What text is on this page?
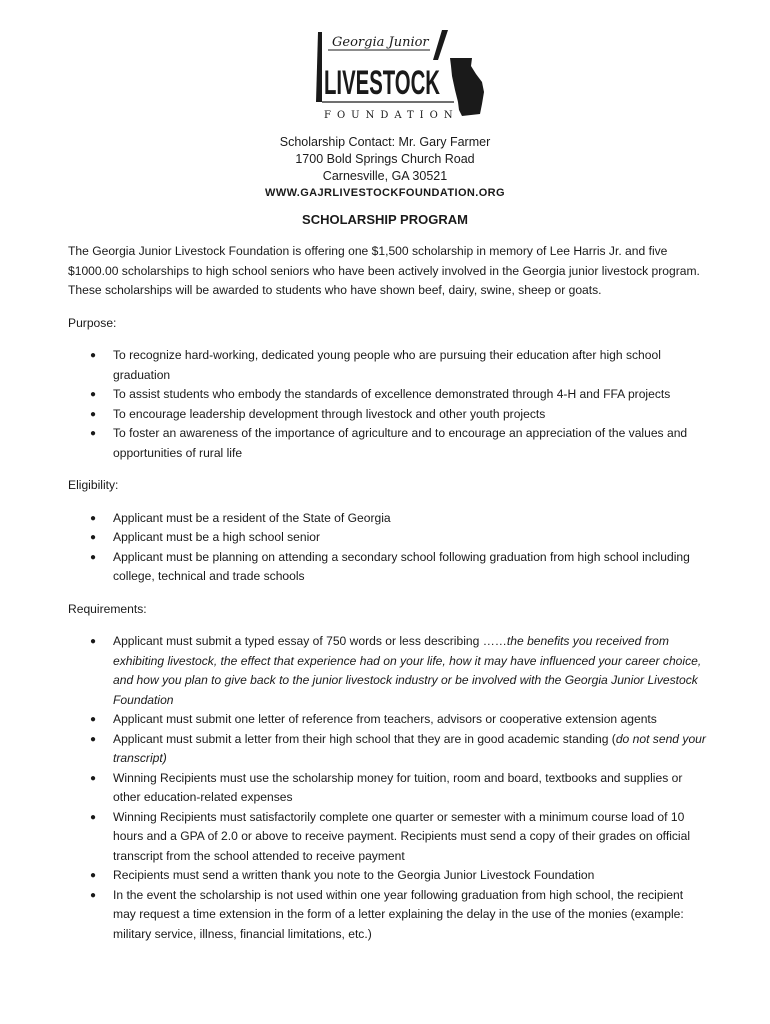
Georgia Junior
LIVESTOCK
FOUNDATION
Scholarship Contact: Mr. Gary Farmer
1700 Bold Springs Church Road
Carnesville, GA 30521
WWW.GAJRLIVESTOCKFOUNDATION.ORG
SCHOLARSHIP PROGRAM

The Georgia Junior Livestock Foundation is offering one $1,500 scholarship in memory of Lee Harris Jr. and five $1000.00 scholarships to high school seniors who have been actively involved in the Georgia junior livestock program. These scholarships will be awarded to students who have shown beef, dairy, swine, sheep or goats.

Purpose:

● To recognize hard-working, dedicated young people who are pursuing their education after high school graduation
● To assist students who embody the standards of excellence demonstrated through 4-H and FFA projects
● To encourage leadership development through livestock and other youth projects
● To foster an awareness of the importance of agriculture and to encourage an appreciation of the values and opportunities of rural life

Eligibility:

● Applicant must be a resident of the State of Georgia
● Applicant must be a high school senior
● Applicant must be planning on attending a secondary school following graduation from high school including college, technical and trade schools

Requirements:

● Applicant must submit a typed essay of 750 words or less describing ……the benefits you received from exhibiting livestock, the effect that experience had on your life, how it may have influenced your career choice, and how you plan to give back to the junior livestock industry or be involved with the Georgia Junior Livestock Foundation
● Applicant must submit one letter of reference from teachers, advisors or cooperative extension agents
● Applicant must submit a letter from their high school that they are in good academic standing (do not send your transcript)
● Winning Recipients must use the scholarship money for tuition, room and board, textbooks and supplies or other education-related expenses
● Winning Recipients must satisfactorily complete one quarter or semester with a minimum course load of 10 hours and a GPA of 2.0 or above to receive payment. Recipients must send a copy of their grades on official transcript from the school attended to receive payment
● Recipients must send a written thank you note to the Georgia Junior Livestock Foundation
● In the event the scholarship is not used within one year following graduation from high school, the recipient may request a time extension in the form of a letter explaining the delay in the use of the monies (example: military service, illness, financial limitations, etc.)
